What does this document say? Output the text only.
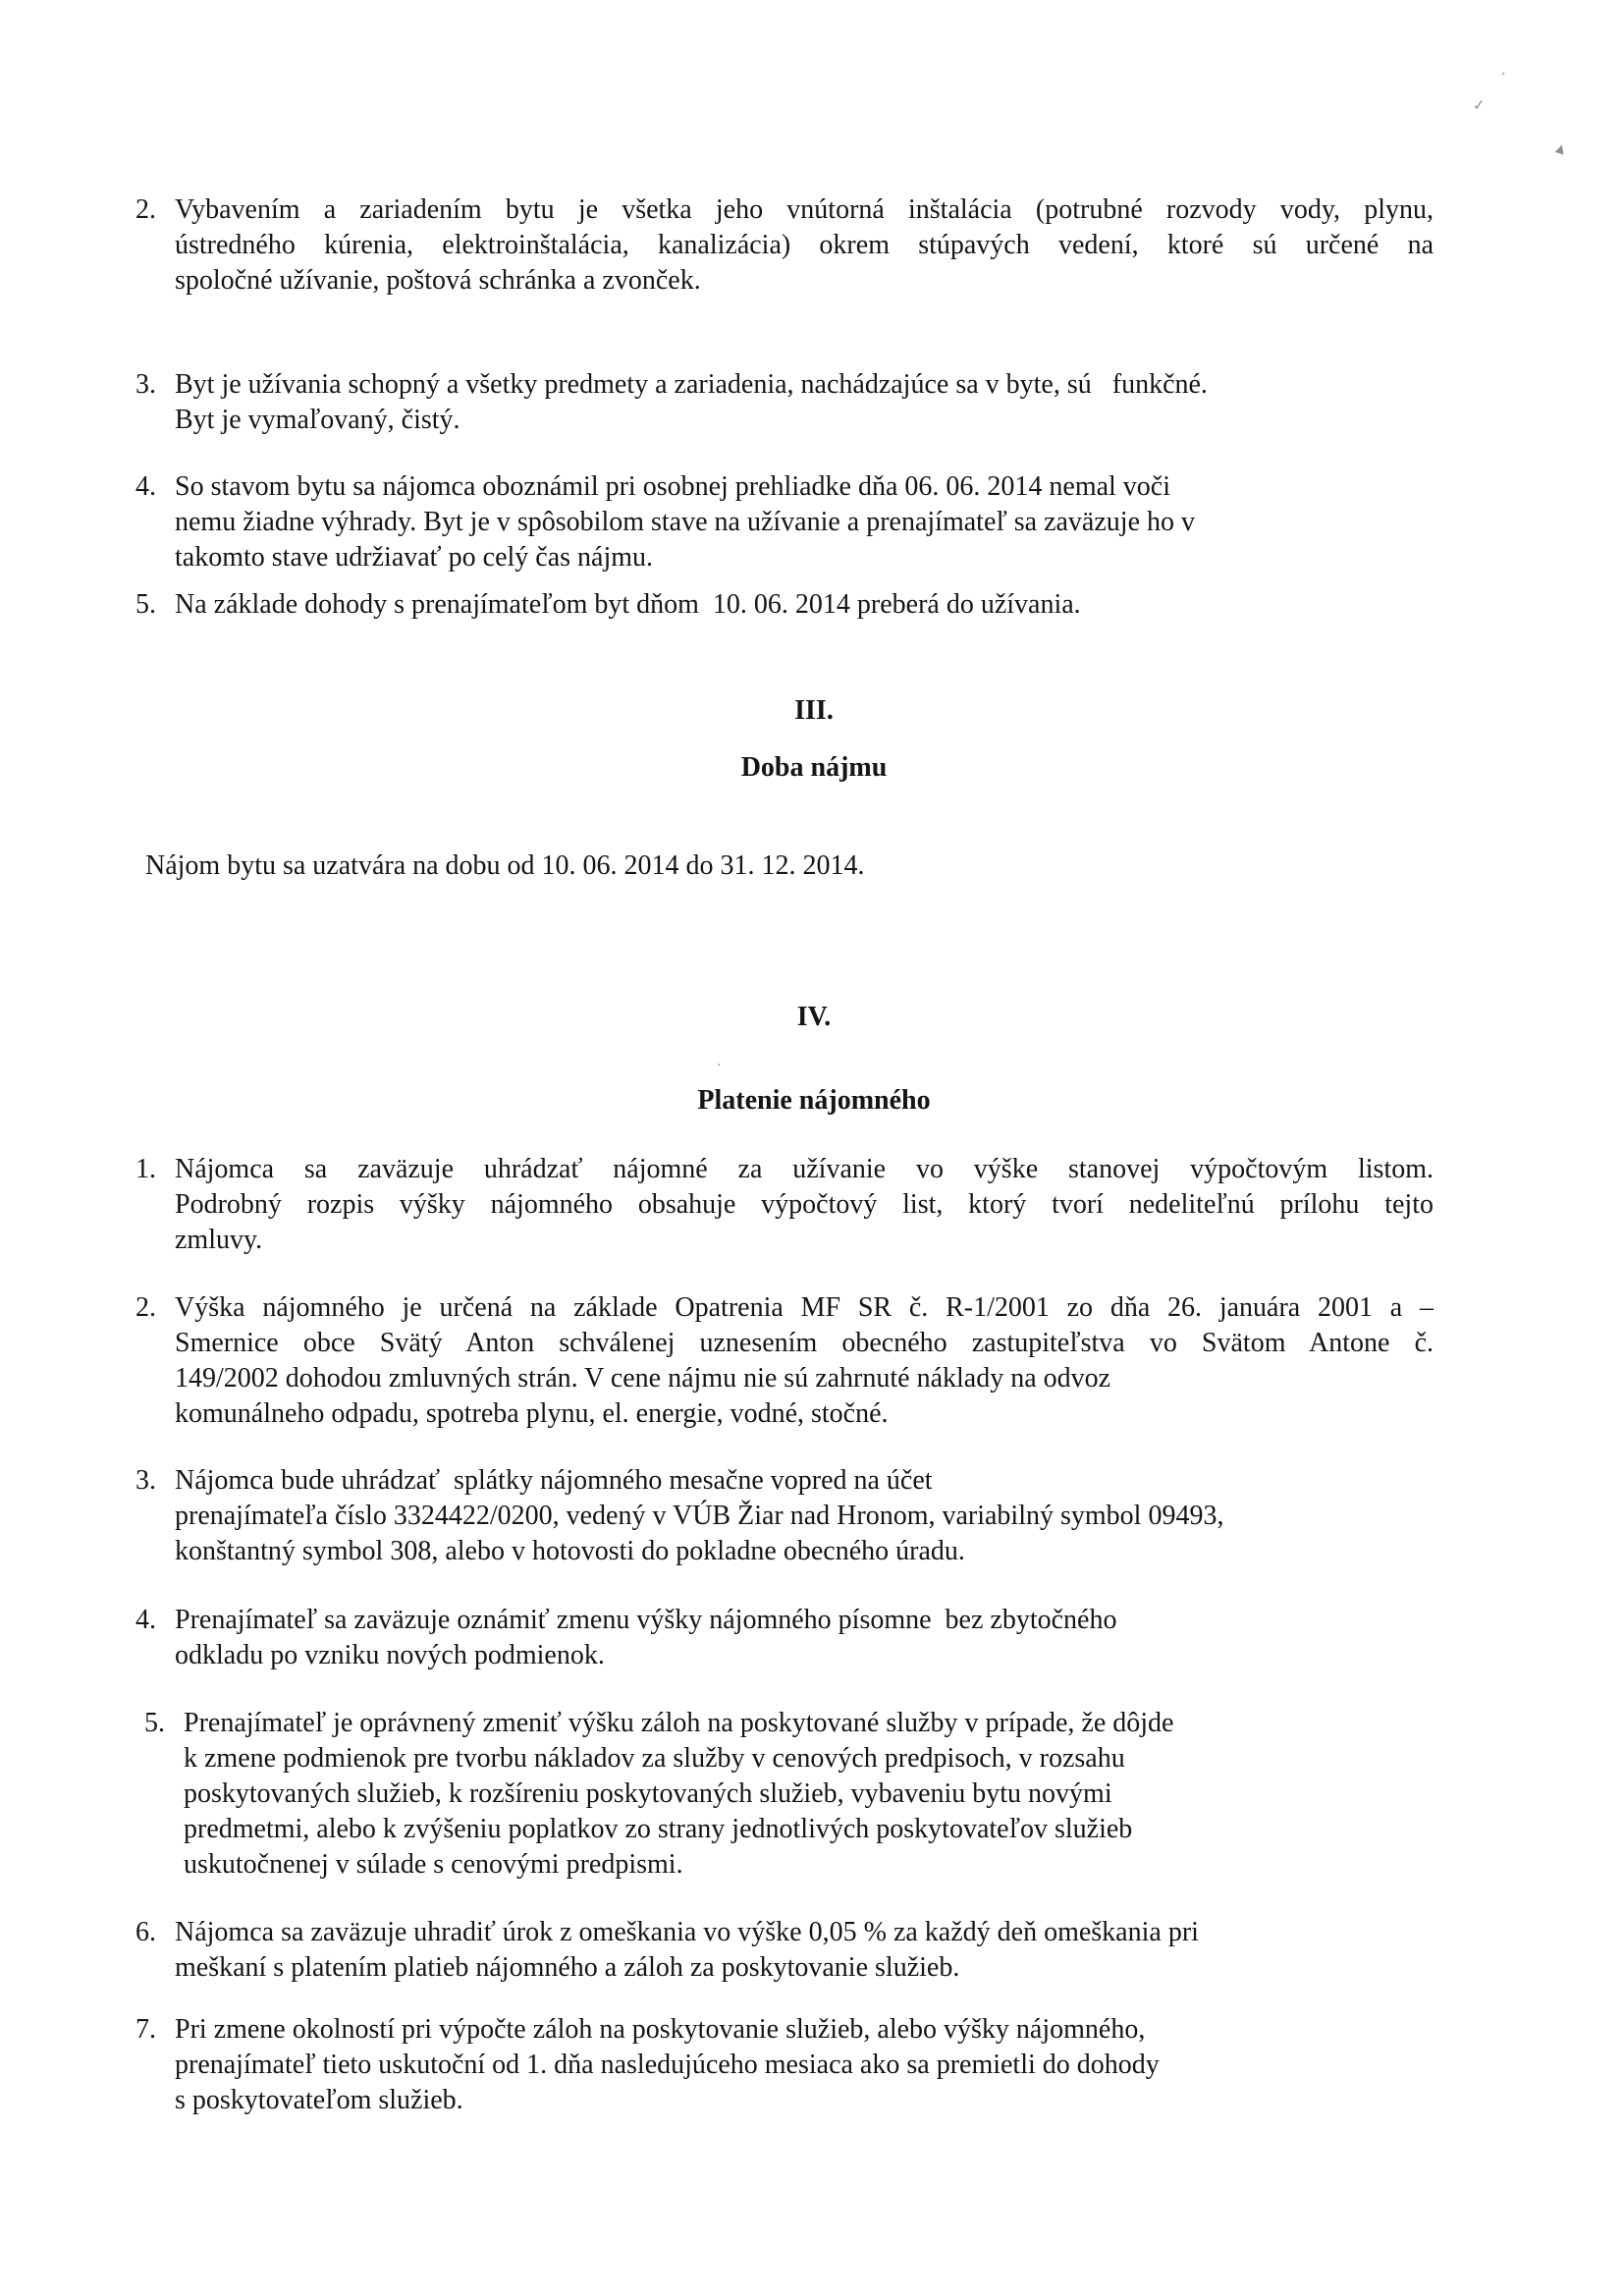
ʼ
✓
▲
·
2. Vybavením a zariadením bytu je všetka jeho vnútorná inštalácia (potrubné rozvody vody, plynu,
ústredného kúrenia, elektroinštalácia, kanalizácia) okrem stúpavých vedení, ktoré sú určené na
spoločné užívanie, poštová schránka a zvonček.
3. Byt je užívania schopný a všetky predmety a zariadenia, nachádzajúce sa v byte, sú   funkčné.
Byt je vymaľovaný, čistý.
4. So stavom bytu sa nájomca oboznámil pri osobnej prehliadke dňa 06. 06. 2014 nemal voči
nemu žiadne výhrady. Byt je v spôsobilom stave na užívanie a prenajímateľ sa zaväzuje ho v
takomto stave udržiavať po celý čas nájmu.
5. Na základe dohody s prenajímateľom byt dňom  10. 06. 2014 preberá do užívania.
III.
Doba nájmu
Nájom bytu sa uzatvára na dobu od 10. 06. 2014 do 31. 12. 2014.
IV.
Platenie nájomného
1. Nájomca sa zaväzuje uhrádzať nájomné za užívanie vo výške stanovej výpočtovým listom.
Podrobný rozpis výšky nájomného obsahuje výpočtový list, ktorý tvorí nedeliteľnú prílohu tejto
zmluvy.
2. Výška nájomného je určená na základe Opatrenia MF SR č. R-1/2001 zo dňa 26. januára 2001 a –
Smernice obce Svätý Anton schválenej uznesením obecného zastupiteľstva vo Svätom Antone č.
149/2002 dohodou zmluvných strán. V cene nájmu nie sú zahrnuté náklady na odvoz
komunálneho odpadu, spotreba plynu, el. energie, vodné, stočné.
3. Nájomca bude uhrádzať  splátky nájomného mesačne vopred na účet
prenajímateľa číslo 3324422/0200, vedený v VÚB Žiar nad Hronom, variabilný symbol 09493,
konštantný symbol 308, alebo v hotovosti do pokladne obecného úradu.
4. Prenajímateľ sa zaväzuje oznámiť zmenu výšky nájomného písomne  bez zbytočného
odkladu po vzniku nových podmienok.
5. Prenajímateľ je oprávnený zmeniť výšku záloh na poskytované služby v prípade, že dôjde
k zmene podmienok pre tvorbu nákladov za služby v cenových predpisoch, v rozsahu
poskytovaných služieb, k rozšíreniu poskytovaných služieb, vybaveniu bytu novými
predmetmi, alebo k zvýšeniu poplatkov zo strany jednotlivých poskytovateľov služieb
uskutočnenej v súlade s cenovými predpismi.
6. Nájomca sa zaväzuje uhradiť úrok z omeškania vo výške 0,05 % za každý deň omeškania pri
meškaní s platením platieb nájomného a záloh za poskytovanie služieb.
7. Pri zmene okolností pri výpočte záloh na poskytovanie služieb, alebo výšky nájomného,
prenajímateľ tieto uskutoční od 1. dňa nasledujúceho mesiaca ako sa premietli do dohody
s poskytovateľom služieb.
